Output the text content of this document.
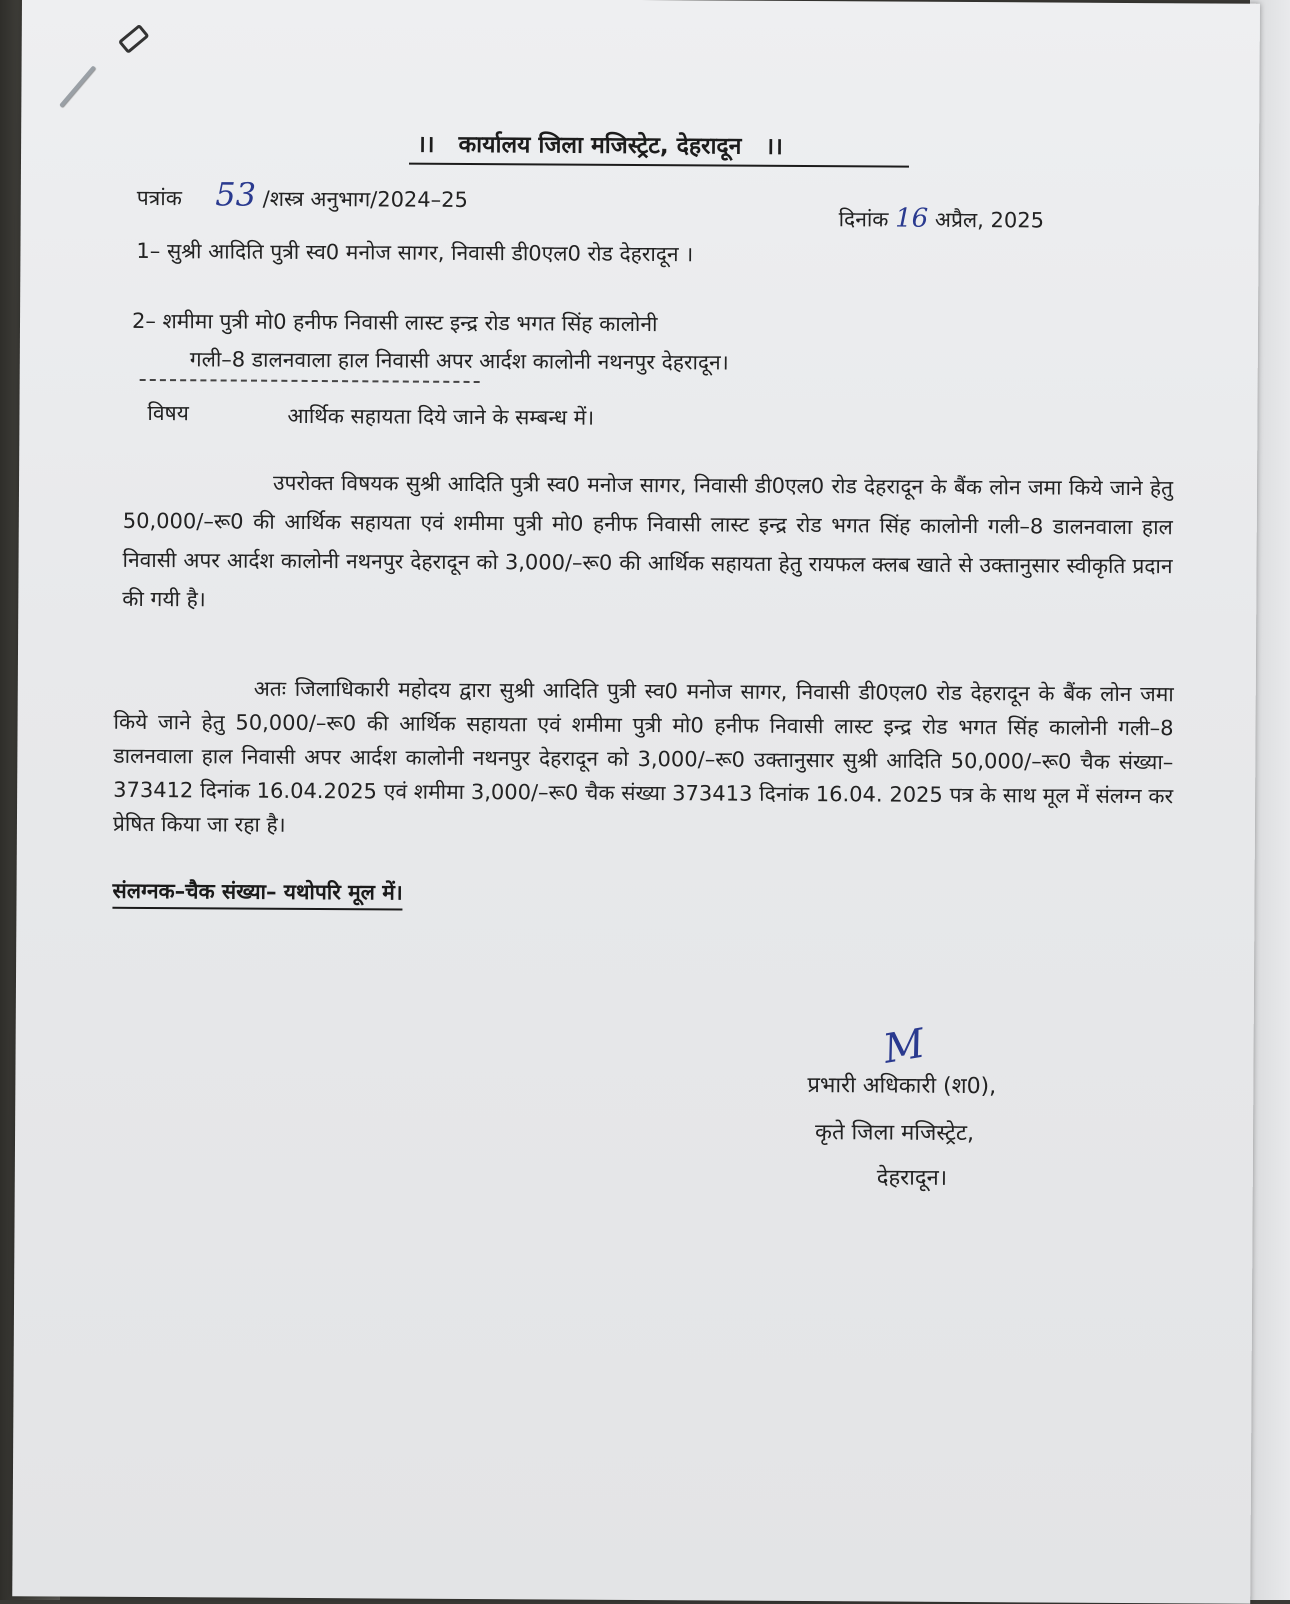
।। कार्यालय जिला मजिस्ट्रेट, देहरादून ।।
पत्रांक 53 /शस्त्र अनुभाग/2024–25
दिनांक 16 अप्रैल, 2025
1– सुश्री आदिति पुत्री स्व0 मनोज सागर, निवासी डी0एल0 रोड देहरादून ।
2– शमीमा पुत्री मो0 हनीफ निवासी लास्ट इन्द्र रोड भगत सिंह कालोनी
गली–8 डालनवाला हाल निवासी अपर आर्दश कालोनी नथनपुर देहरादून।
विषय	आर्थिक सहायता दिये जाने के सम्बन्ध में।
उपरोक्त विषयक सुश्री आदिति पुत्री स्व0 मनोज सागर, निवासी डी0एल0 रोड देहरादून के बैंक लोन जमा किये जाने हेतु 50,000/–रू0 की आर्थिक सहायता एवं शमीमा पुत्री मो0 हनीफ निवासी लास्ट इन्द्र रोड भगत सिंह कालोनी गली–8 डालनवाला हाल निवासी अपर आर्दश कालोनी नथनपुर देहरादून को 3,000/–रू0 की आर्थिक सहायता हेतु रायफल क्लब खाते से उक्तानुसार स्वीकृति प्रदान की गयी है।
अतः जिलाधिकारी महोदय द्वारा सुश्री आदिति पुत्री स्व0 मनोज सागर, निवासी डी0एल0 रोड देहरादून के बैंक लोन जमा किये जाने हेतु 50,000/–रू0 की आर्थिक सहायता एवं शमीमा पुत्री मो0 हनीफ निवासी लास्ट इन्द्र रोड भगत सिंह कालोनी गली–8 डालनवाला हाल निवासी अपर आर्दश कालोनी नथनपुर देहरादून को 3,000/–रू0 उक्तानुसार सुश्री आदिति 50,000/–रू0 चैक संख्या–373412 दिनांक 16.04.2025 एवं शमीमा 3,000/–रू0 चैक संख्या 373413 दिनांक 16.04. 2025 पत्र के साथ मूल में संलग्न कर प्रेषित किया जा रहा है।
संलग्नक–चैक संख्या– यथोपरि मूल में।
M
प्रभारी अधिकारी (श0),
कृते जिला मजिस्ट्रेट,
देहरादून।
